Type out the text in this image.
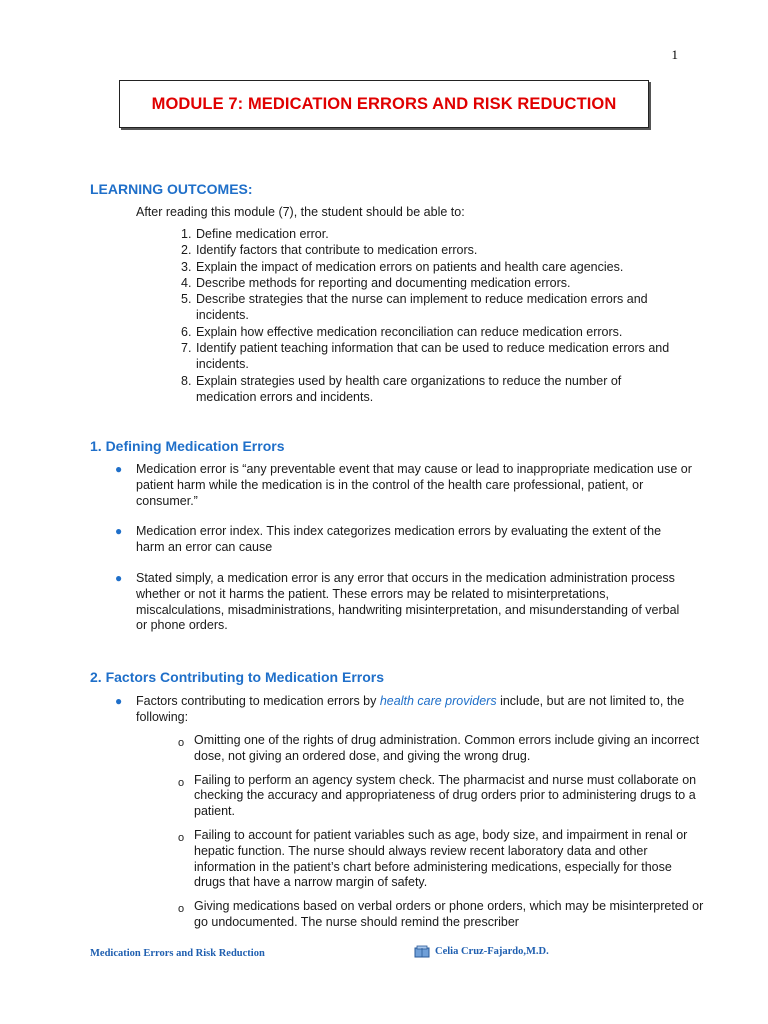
1
MODULE 7: MEDICATION ERRORS AND RISK REDUCTION
LEARNING OUTCOMES:
After reading this module (7), the student should be able to:
1. Define medication error.
2. Identify factors that contribute to medication errors.
3. Explain the impact of medication errors on patients and health care agencies.
4. Describe methods for reporting and documenting medication errors.
5. Describe strategies that the nurse can implement to reduce medication errors and incidents.
6. Explain how effective medication reconciliation can reduce medication errors.
7. Identify patient teaching information that can be used to reduce medication errors and incidents.
8. Explain strategies used by health care organizations to reduce the number of medication errors and incidents.
1. Defining Medication Errors
● Medication error is “any preventable event that may cause or lead to inappropriate medication use or patient harm while the medication is in the control of the health care professional, patient, or consumer.”
● Medication error index. This index categorizes medication errors by evaluating the extent of the harm an error can cause
● Stated simply, a medication error is any error that occurs in the medication administration process whether or not it harms the patient. These errors may be related to misinterpretations, miscalculations, misadministrations, handwriting misinterpretation, and misunderstanding of verbal or phone orders.
2. Factors Contributing to Medication Errors
● Factors contributing to medication errors by health care providers include, but are not limited to, the following:
o Omitting one of the rights of drug administration. Common errors include giving an incorrect dose, not giving an ordered dose, and giving the wrong drug.
o Failing to perform an agency system check. The pharmacist and nurse must collaborate on checking the accuracy and appropriateness of drug orders prior to administering drugs to a patient.
o Failing to account for patient variables such as age, body size, and impairment in renal or hepatic function. The nurse should always review recent laboratory data and other information in the patient’s chart before administering medications, especially for those drugs that have a narrow margin of safety.
o Giving medications based on verbal orders or phone orders, which may be misinterpreted or go undocumented. The nurse should remind the prescriber
Medication Errors and Risk Reduction	Celia Cruz-Fajardo,M.D.
